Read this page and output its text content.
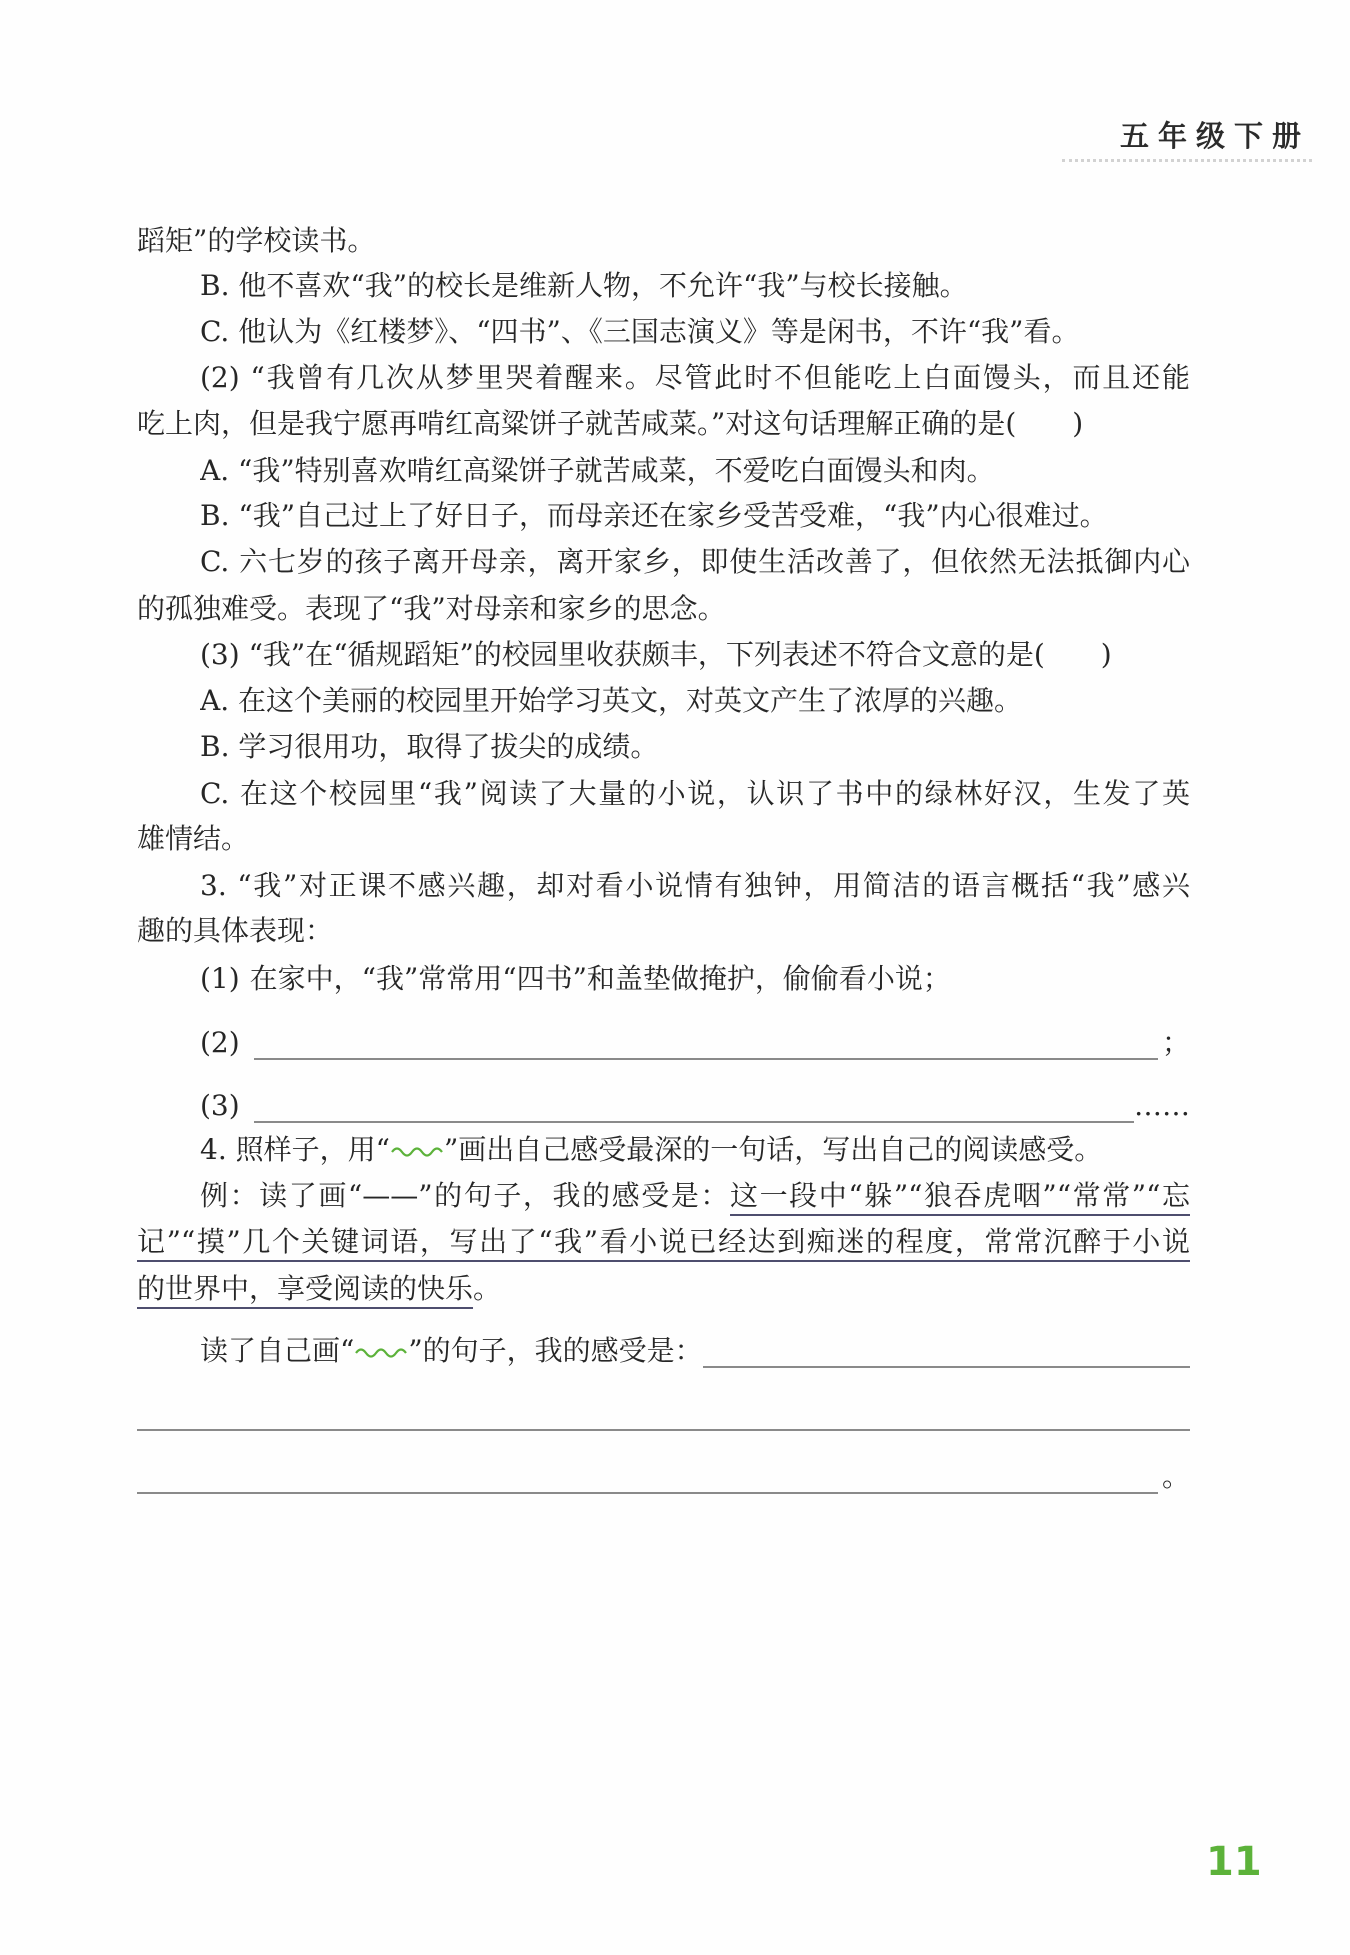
五年级下册
蹈矩”的学校读书。
B. 他不喜欢“我”的校长是维新人物，不允许“我”与校长接触。
C. 他认为《红楼梦》、“四书”、《三国志演义》等是闲书，不许“我”看。
(2) “我曾有几次从梦里哭着醒来。尽管此时不但能吃上白面馒头，而且还能
吃上肉，但是我宁愿再啃红高粱饼子就苦咸菜。”对这句话理解正确的是(　　)
A. “我”特别喜欢啃红高粱饼子就苦咸菜，不爱吃白面馒头和肉。
B. “我”自己过上了好日子，而母亲还在家乡受苦受难，“我”内心很难过。
C. 六七岁的孩子离开母亲，离开家乡，即使生活改善了，但依然无法抵御内心
的孤独难受。表现了“我”对母亲和家乡的思念。
(3) “我”在“循规蹈矩”的校园里收获颇丰，下列表述不符合文意的是(　　)
A. 在这个美丽的校园里开始学习英文，对英文产生了浓厚的兴趣。
B. 学习很用功，取得了拔尖的成绩。
C. 在这个校园里“我”阅读了大量的小说，认识了书中的绿林好汉，生发了英
雄情结。
3. “我”对正课不感兴趣，却对看小说情有独钟，用简洁的语言概括“我”感兴
趣的具体表现：
(1) 在家中，“我”常常用“四书”和盖垫做掩护，偷偷看小说；
(2)	；
(3)	……
4. 照样子，用“ ”画出自己感受最深的一句话，写出自己的阅读感受。
例：读了画“——”的句子，我的感受是：这一段中“躲”“狼吞虎咽”“常常”“忘
记”“摸”几个关键词语，写出了“我”看小说已经达到痴迷的程度，常常沉醉于小说
的世界中，享受阅读的快乐。
读了自己画“ ”的句子，我的感受是：
。
11
